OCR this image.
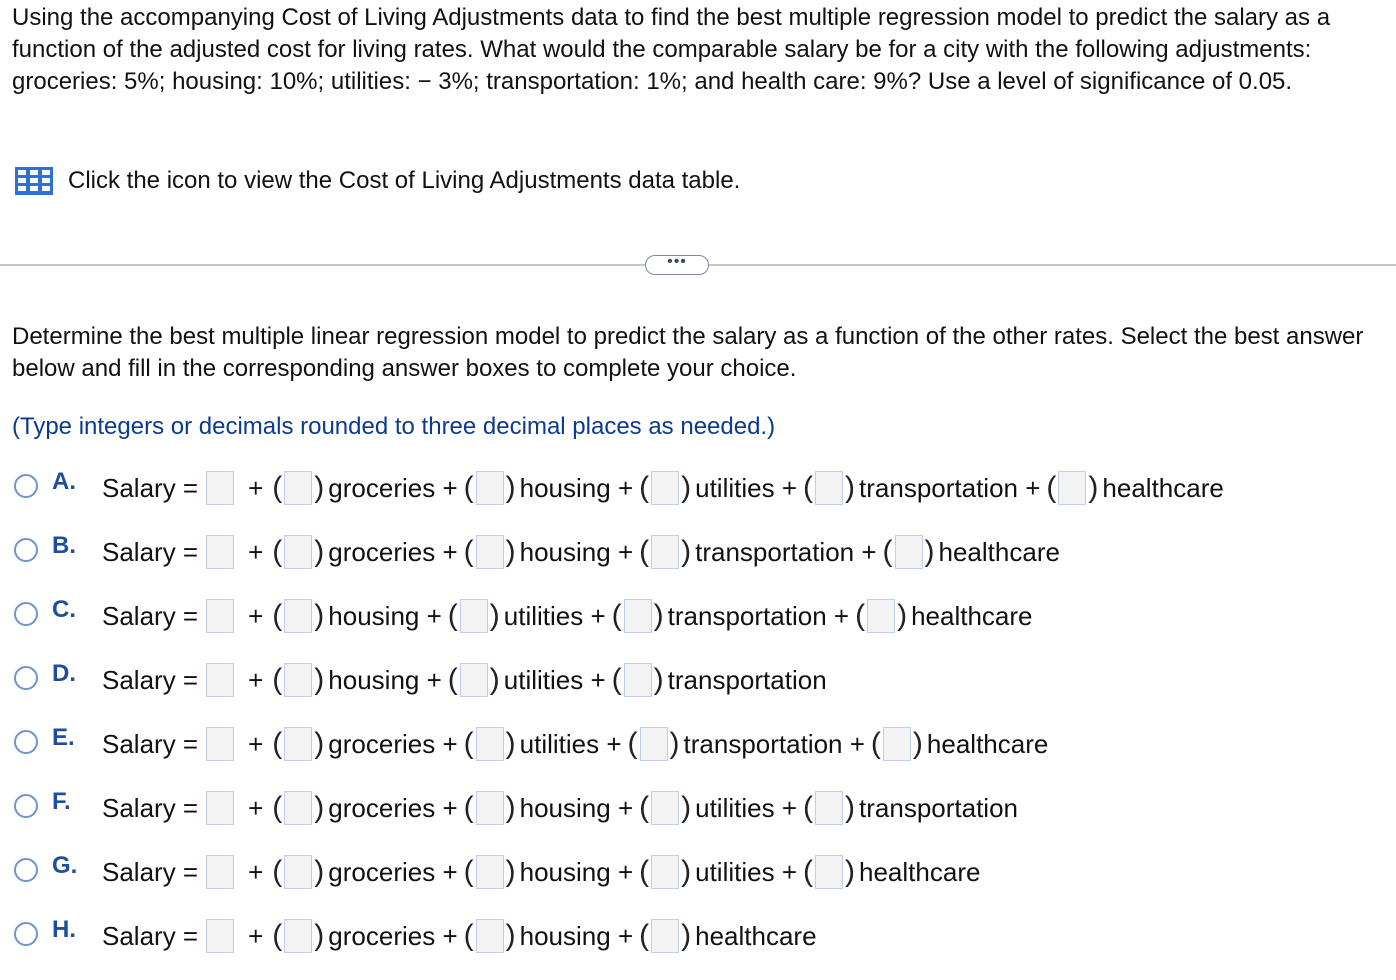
Using the accompanying Cost of Living Adjustments data to find the best multiple regression model to predict the salary as a function of the adjusted cost for living rates. What would the comparable salary be for a city with the following adjustments: groceries: 5%; housing: 10%; utilities: − 3%; transportation: 1%; and health care: 9%? Use a level of significance of 0.05.

Click the icon to view the Cost of Living Adjustments data table.
•••

Determine the best multiple linear regression model to predict the salary as a function of the other rates. Select the best answer below and fill in the corresponding answer boxes to complete your choice.

(Type integers or decimals rounded to three decimal places as needed.)
A.	Salary = + ( ) groceries + ( ) housing + ( ) utilities + ( ) transportation + ( ) healthcare
B.	Salary = + ( ) groceries + ( ) housing + ( ) transportation + ( ) healthcare
C.	Salary = + ( ) housing + ( ) utilities + ( ) transportation + ( ) healthcare
D.	Salary = + ( ) housing + ( ) utilities + ( ) transportation
E.	Salary = + ( ) groceries + ( ) utilities + ( ) transportation + ( ) healthcare
F.	Salary = + ( ) groceries + ( ) housing + ( ) utilities + ( ) transportation
G. Salary = + ( ) groceries + ( ) housing + ( ) utilities + ( ) healthcare
H.	Salary = + ( ) groceries + ( ) housing + ( ) healthcare
